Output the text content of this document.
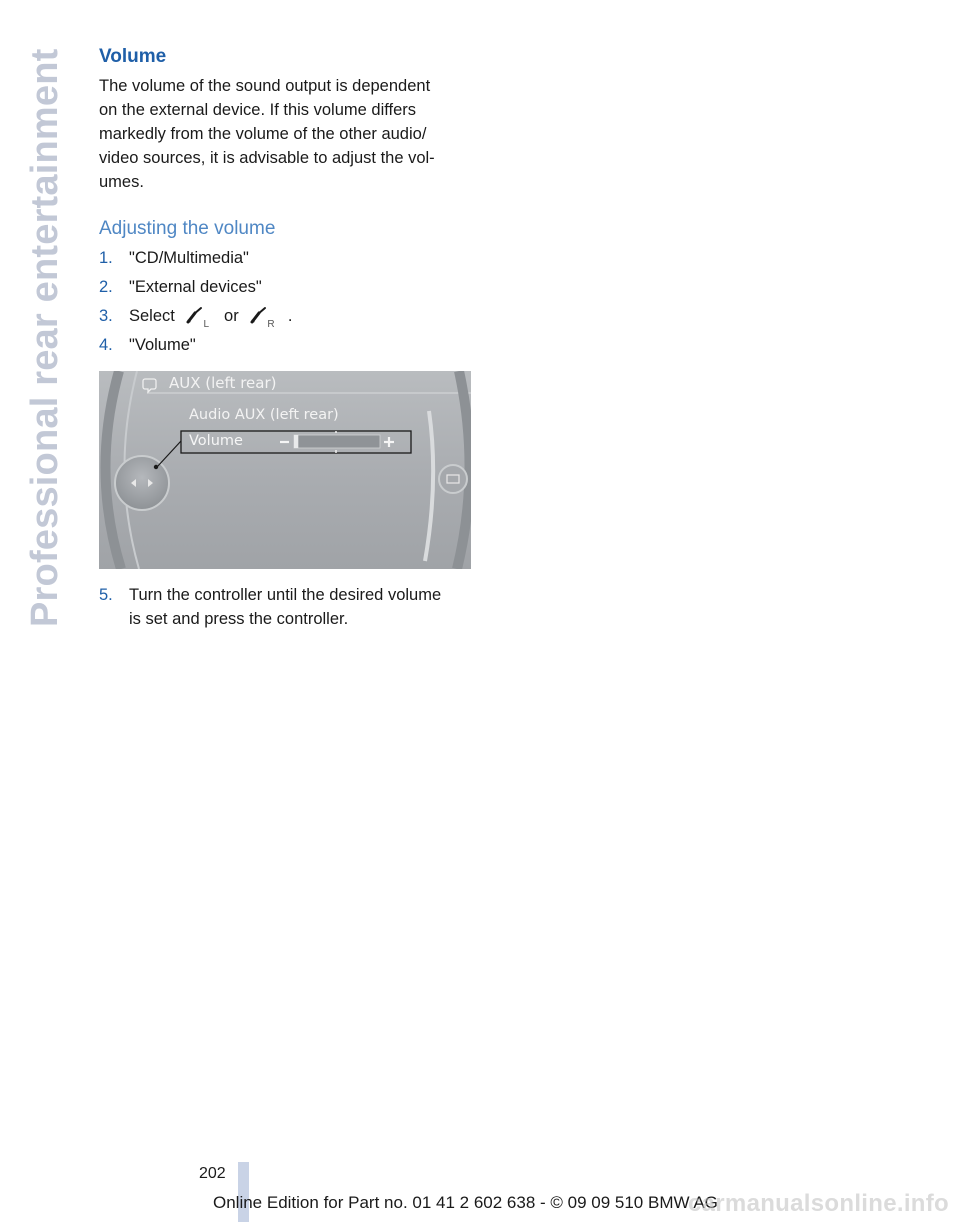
Professional rear entertainment Volume

The volume of the sound output is dependent
on the external device. If this volume differs
markedly from the volume of the other audio/
video sources, it is advisable to adjust the vol-
umes.

Adjusting the volume
1. "CD/Multimedia"
2. "External devices"
3. Select	L or	R .
4. "Volume"
AUX (left rear)
Audio AUX (left rear)
Volume
5. Turn the controller until the desired volume
is set and press the controller.
202
Online Edition for Part no. 01 41 2 602 638 - © 09 09 510 BMW AG
carmanualsonline.info
